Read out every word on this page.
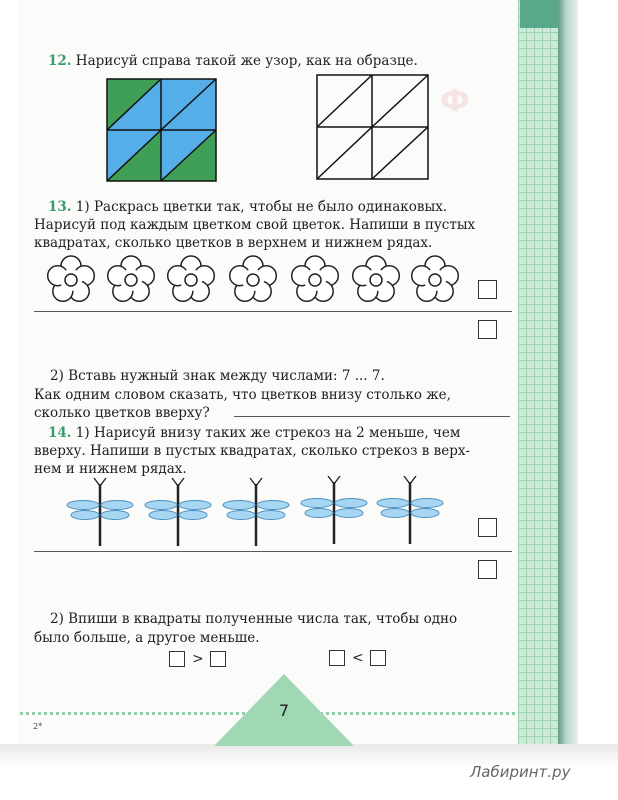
Ф
12. Нарисуй справа такой же узор, как на образце.
13. 1) Раскрась цветки так, чтобы не было одинаковых.
Нарисуй под каждым цветком свой цветок. Напиши в пустых
квадратах, сколько цветков в верхнем и нижнем рядах.
2) Вставь нужный знак между числами: 7 ... 7.
Как одним словом сказать, что цветков внизу столько же,
сколько цветков вверху?
14. 1) Нарисуй внизу таких же стрекоз на 2 меньше, чем
вверху. Напиши в пустых квадратах, сколько стрекоз в верх-
нем и нижнем рядах.
2) Впиши в квадраты полученные числа так, чтобы одно
было больше, а другое меньше.
>	<
7
2*
Лабиринт.ру
